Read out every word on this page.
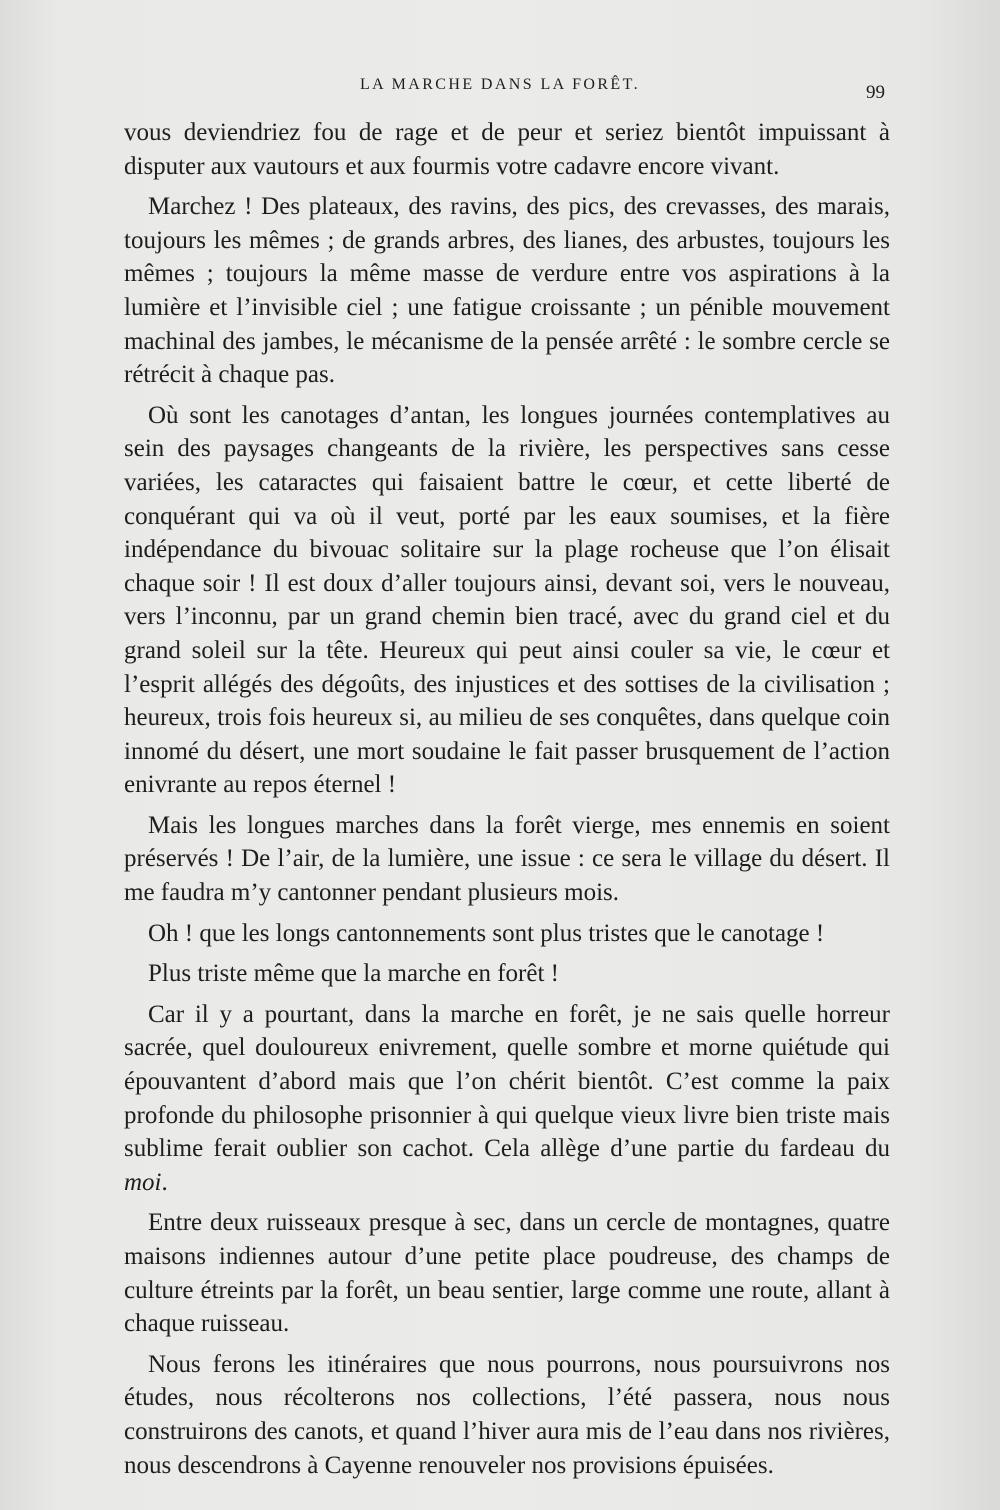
LA MARCHE DANS LA FORÊT.	99

vous deviendriez fou de rage et de peur et seriez bientôt impuissant à disputer aux vautours et aux fourmis votre cadavre encore vivant.

Marchez ! Des plateaux, des ravins, des pics, des crevasses, des marais, toujours les mêmes ; de grands arbres, des lianes, des arbustes, toujours les mêmes ; toujours la même masse de verdure entre vos aspirations à la lumière et l’invisible ciel ; une fatigue croissante ; un pénible mouvement machinal des jambes, le mécanisme de la pensée arrêté : le sombre cercle se rétrécit à chaque pas.

Où sont les canotages d’antan, les longues journées contemplatives au sein des paysages changeants de la rivière, les perspectives sans cesse variées, les cataractes qui faisaient battre le cœur, et cette liberté de conquérant qui va où il veut, porté par les eaux soumises, et la fière indépendance du bivouac solitaire sur la plage rocheuse que l’on élisait chaque soir ! Il est doux d’aller toujours ainsi, devant soi, vers le nouveau, vers l’inconnu, par un grand chemin bien tracé, avec du grand ciel et du grand soleil sur la tête. Heureux qui peut ainsi couler sa vie, le cœur et l’esprit allégés des dégoûts, des injustices et des sottises de la civilisation ; heureux, trois fois heureux si, au milieu de ses conquêtes, dans quelque coin innomé du désert, une mort soudaine le fait passer brusquement de l’action enivrante au repos éternel !

Mais les longues marches dans la forêt vierge, mes ennemis en soient préservés ! De l’air, de la lumière, une issue : ce sera le village du désert. Il me faudra m’y cantonner pendant plusieurs mois.

Oh ! que les longs cantonnements sont plus tristes que le canotage !

Plus triste même que la marche en forêt !

Car il y a pourtant, dans la marche en forêt, je ne sais quelle horreur sacrée, quel douloureux enivrement, quelle sombre et morne quiétude qui épouvantent d’abord mais que l’on chérit bientôt. C’est comme la paix profonde du philosophe prisonnier à qui quelque vieux livre bien triste mais sublime ferait oublier son cachot. Cela allège d’une partie du fardeau du moi.

Entre deux ruisseaux presque à sec, dans un cercle de montagnes, quatre maisons indiennes autour d’une petite place poudreuse, des champs de culture étreints par la forêt, un beau sentier, large comme une route, allant à chaque ruisseau.

Nous ferons les itinéraires que nous pourrons, nous poursuivrons nos études, nous récolterons nos collections, l’été passera, nous nous construirons des canots, et quand l’hiver aura mis de l’eau dans nos rivières, nous descendrons à Cayenne renouveler nos provisions épuisées.
